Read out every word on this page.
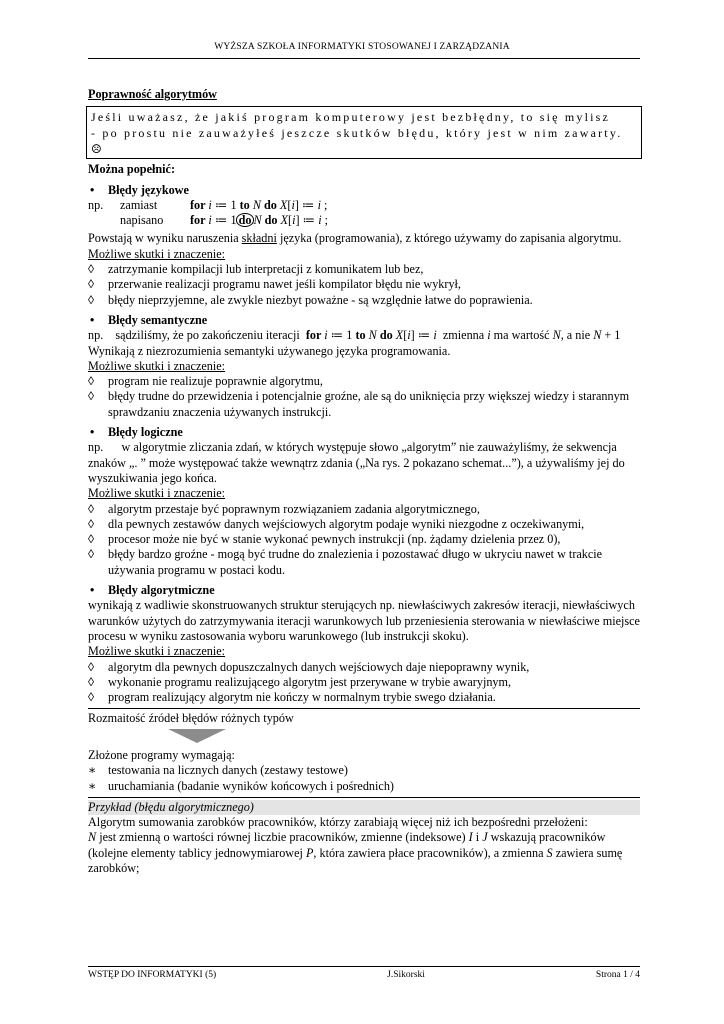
WYŻSZA SZKOŁA INFORMATYKI STOSOWANEJ I ZARZĄDZANIA
Poprawność algorytmów
Jeśli uważasz, że jakiś program komputerowy jest bezbłędny, to się mylisz
- po prostu nie zauważyłeś jeszcze skutków błędu, który jest w nim zawarty. ☹
Można popełnić:
•	Błędy językowe
np.	zamiast	for i ≔ 1 to N do X[i] ≔ i ;
napisano	for i ≔ 1 do N do X[i] ≔ i ;
Powstają w wyniku naruszenia składni języka (programowania), z którego używamy do zapisania algorytmu.
Możliwe skutki i znaczenie:
◊	zatrzymanie kompilacji lub interpretacji z komunikatem lub bez,
◊	przerwanie realizacji programu nawet jeśli kompilator błędu nie wykrył,
◊	błędy nieprzyjemne, ale zwykle niezbyt poważne - są względnie łatwe do poprawienia.
•	Błędy semantyczne
np.    sądziliśmy, że po zakończeniu iteracji for i ≔ 1 to N do X[i] ≔ i zmienna i ma wartość N, a nie N + 1
Wynikają z niezrozumienia semantyki używanego języka programowania.
Możliwe skutki i znaczenie:
◊	program nie realizuje poprawnie algorytmu,
◊	błędy trudne do przewidzenia i potencjalnie groźne, ale są do uniknięcia przy większej wiedzy i starannym sprawdzaniu znaczenia używanych instrukcji.
•	Błędy logiczne
np.      w algorytmie zliczania zdań, w których występuje słowo „algorytm” nie zauważyliśmy, że sekwencja znaków „. ” może występować także wewnątrz zdania („Na rys. 2 pokazano schemat...”), a używaliśmy jej do wyszukiwania jego końca.
Możliwe skutki i znaczenie:
◊	algorytm przestaje być poprawnym rozwiązaniem zadania algorytmicznego,
◊	dla pewnych zestawów danych wejściowych algorytm podaje wyniki niezgodne z oczekiwanymi,
◊	procesor może nie być w stanie wykonać pewnych instrukcji (np. żądamy dzielenia przez 0),
◊	błędy bardzo groźne - mogą być trudne do znalezienia i pozostawać długo w ukryciu nawet w trakcie używania programu w postaci kodu.
•	Błędy algorytmiczne
wynikają z wadliwie skonstruowanych struktur sterujących np. niewłaściwych zakresów iteracji, niewłaściwych warunków użytych do zatrzymywania iteracji warunkowych lub przeniesienia sterowania w niewłaściwe miejsce procesu w wyniku zastosowania wyboru warunkowego (lub instrukcji skoku).
Możliwe skutki i znaczenie:
◊	algorytm dla pewnych dopuszczalnych danych wejściowych daje niepoprawny wynik,
◊	wykonanie programu realizującego algorytm jest przerywane w trybie awaryjnym,
◊	program realizujący algorytm nie kończy w normalnym trybie swego działania.
Rozmaitość źródeł błędów różnych typów
Złożone programy wymagają:
∗ testowania na licznych danych (zestawy testowe)
∗ uruchamiania (badanie wyników końcowych i pośrednich)
Przykład (błędu algorytmicznego)
Algorytm sumowania zarobków pracowników, którzy zarabiają więcej niż ich bezpośredni przełożeni:
N jest zmienną o wartości równej liczbie pracowników, zmienne (indeksowe) I i J wskazują pracowników (kolejne elementy tablicy jednowymiarowej P, która zawiera płace pracowników), a zmienna S zawiera sumę zarobków;
WSTĘP DO INFORMATYKI (5)	J.Sikorski	Strona 1 / 4
